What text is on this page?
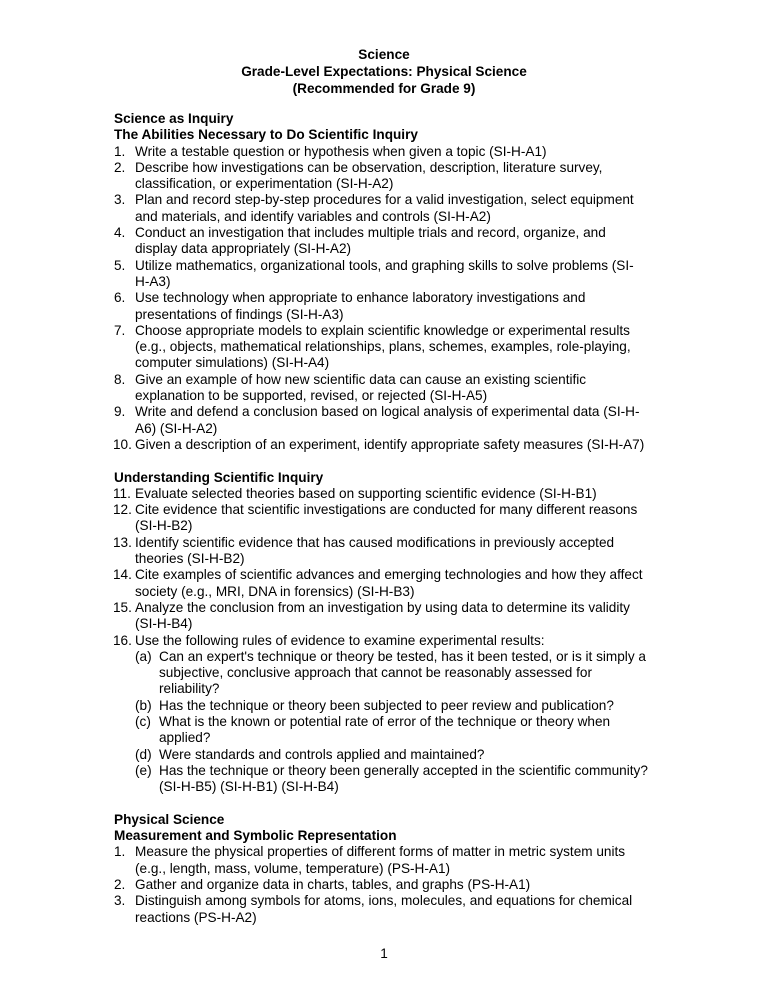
Science
Grade-Level Expectations: Physical Science
(Recommended for Grade 9)
Science as Inquiry
The Abilities Necessary to Do Scientific Inquiry
1. Write a testable question or hypothesis when given a topic (SI-H-A1)
2. Describe how investigations can be observation, description, literature survey,
classification, or experimentation (SI-H-A2)
3. Plan and record step-by-step procedures for a valid investigation, select equipment
and materials, and identify variables and controls (SI-H-A2)
4. Conduct an investigation that includes multiple trials and record, organize, and
display data appropriately (SI-H-A2)
5. Utilize mathematics, organizational tools, and graphing skills to solve problems (SI-
H-A3)
6. Use technology when appropriate to enhance laboratory investigations and
presentations of findings (SI-H-A3)
7. Choose appropriate models to explain scientific knowledge or experimental results
(e.g., objects, mathematical relationships, plans, schemes, examples, role-playing,
computer simulations) (SI-H-A4)
8. Give an example of how new scientific data can cause an existing scientific
explanation to be supported, revised, or rejected (SI-H-A5)
9. Write and defend a conclusion based on logical analysis of experimental data (SI-H-
A6) (SI-H-A2)
10. Given a description of an experiment, identify appropriate safety measures (SI-H-A7)
Understanding Scientific Inquiry
11. Evaluate selected theories based on supporting scientific evidence (SI-H-B1)
12. Cite evidence that scientific investigations are conducted for many different reasons
(SI-H-B2)
13. Identify scientific evidence that has caused modifications in previously accepted
theories (SI-H-B2)
14. Cite examples of scientific advances and emerging technologies and how they affect
society (e.g., MRI, DNA in forensics) (SI-H-B3)
15. Analyze the conclusion from an investigation by using data to determine its validity
(SI-H-B4)
16. Use the following rules of evidence to examine experimental results:
(a) Can an expert's technique or theory be tested, has it been tested, or is it simply a
subjective, conclusive approach that cannot be reasonably assessed for
reliability?
(b) Has the technique or theory been subjected to peer review and publication?
(c) What is the known or potential rate of error of the technique or theory when
applied?
(d) Were standards and controls applied and maintained?
(e) Has the technique or theory been generally accepted in the scientific community?
(SI-H-B5) (SI-H-B1) (SI-H-B4)
Physical Science
Measurement and Symbolic Representation
1. Measure the physical properties of different forms of matter in metric system units
(e.g., length, mass, volume, temperature) (PS-H-A1)
2. Gather and organize data in charts, tables, and graphs (PS-H-A1)
3. Distinguish among symbols for atoms, ions, molecules, and equations for chemical
reactions (PS-H-A2)
1
